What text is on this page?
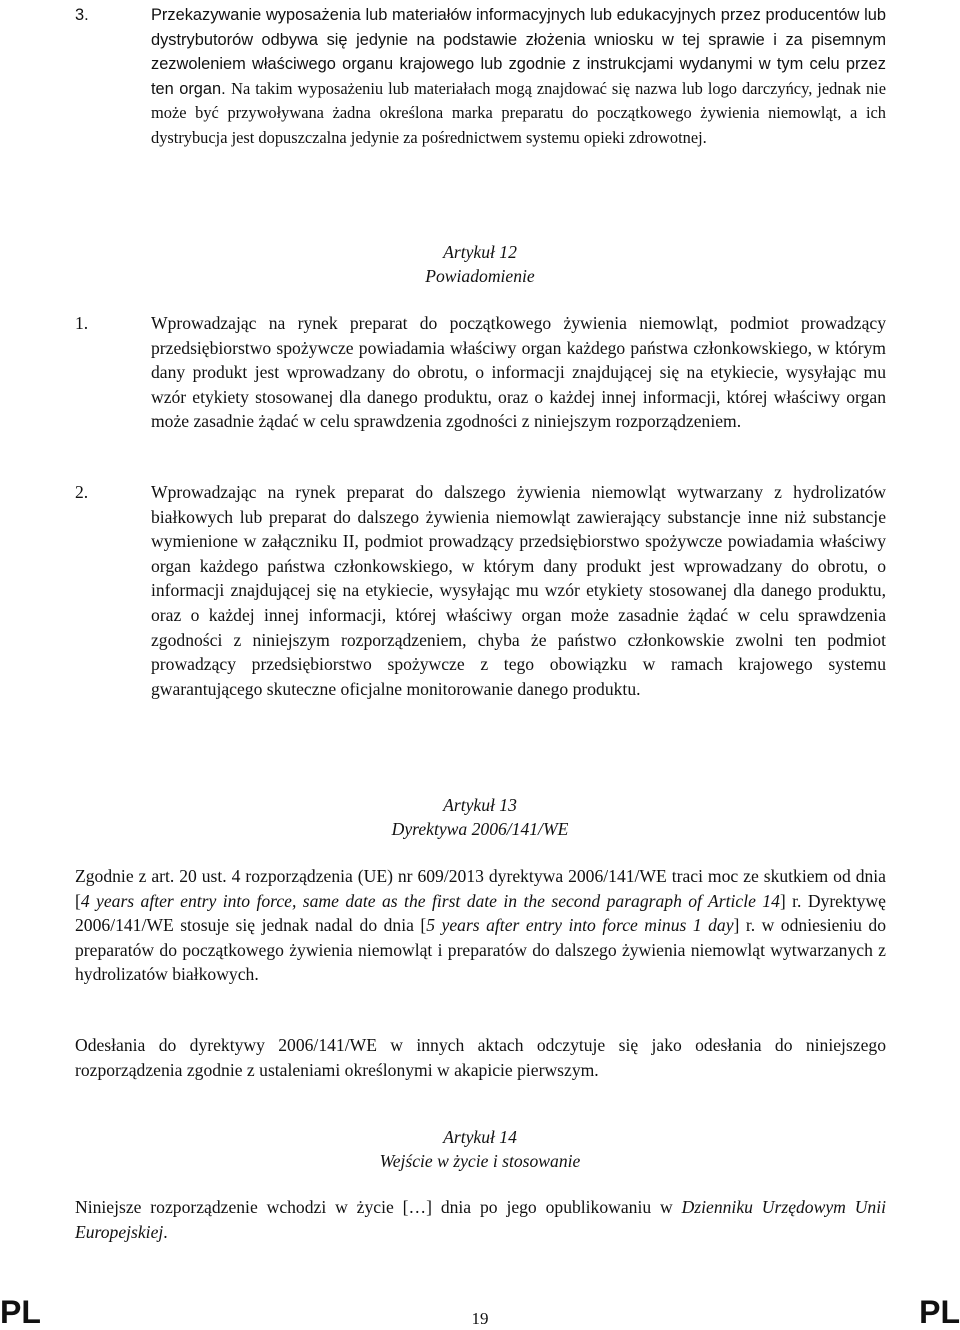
3.	Przekazywanie wyposażenia lub materiałów informacyjnych lub edukacyjnych przez producentów lub dystrybutorów odbywa się jedynie na podstawie złożenia wniosku w tej sprawie i za pisemnym zezwoleniem właściwego organu krajowego lub zgodnie z instrukcjami wydanymi w tym celu przez ten organ. Na takim wyposażeniu lub materiałach mogą znajdować się nazwa lub logo darczyńcy, jednak nie może być przywoływana żadna określona marka preparatu do początkowego żywienia niemowląt, a ich dystrybucja jest dopuszczalna jedynie za pośrednictwem systemu opieki zdrowotnej.
Artykuł 12
Powiadomienie
1.	Wprowadzając na rynek preparat do początkowego żywienia niemowląt, podmiot prowadzący przedsiębiorstwo spożywcze powiadamia właściwy organ każdego państwa członkowskiego, w którym dany produkt jest wprowadzany do obrotu, o informacji znajdującej się na etykiecie, wysyłając mu wzór etykiety stosowanej dla danego produktu, oraz o każdej innej informacji, której właściwy organ może zasadnie żądać w celu sprawdzenia zgodności z niniejszym rozporządzeniem.
2.	Wprowadzając na rynek preparat do dalszego żywienia niemowląt wytwarzany z hydrolizatów białkowych lub preparat do dalszego żywienia niemowląt zawierający substancje inne niż substancje wymienione w załączniku II, podmiot prowadzący przedsiębiorstwo spożywcze powiadamia właściwy organ każdego państwa członkowskiego, w którym dany produkt jest wprowadzany do obrotu, o informacji znajdującej się na etykiecie, wysyłając mu wzór etykiety stosowanej dla danego produktu, oraz o każdej innej informacji, której właściwy organ może zasadnie żądać w celu sprawdzenia zgodności z niniejszym rozporządzeniem, chyba że państwo członkowskie zwolni ten podmiot prowadzący przedsiębiorstwo spożywcze z tego obowiązku w ramach krajowego systemu gwarantującego skuteczne oficjalne monitorowanie danego produktu.
Artykuł 13
Dyrektywa 2006/141/WE
Zgodnie z art. 20 ust. 4 rozporządzenia (UE) nr 609/2013 dyrektywa 2006/141/WE traci moc ze skutkiem od dnia [4 years after entry into force, same date as the first date in the second paragraph of Article 14] r. Dyrektywę 2006/141/WE stosuje się jednak nadal do dnia [5 years after entry into force minus 1 day] r. w odniesieniu do preparatów do początkowego żywienia niemowląt i preparatów do dalszego żywienia niemowląt wytwarzanych z hydrolizatów białkowych.
Odesłania do dyrektywy 2006/141/WE w innych aktach odczytuje się jako odesłania do niniejszego rozporządzenia zgodnie z ustaleniami określonymi w akapicie pierwszym.
Artykuł 14
Wejście w życie i stosowanie
Niniejsze rozporządzenie wchodzi w życie […] dnia po jego opublikowaniu w Dzienniku Urzędowym Unii Europejskiej.
PL	19	PL
